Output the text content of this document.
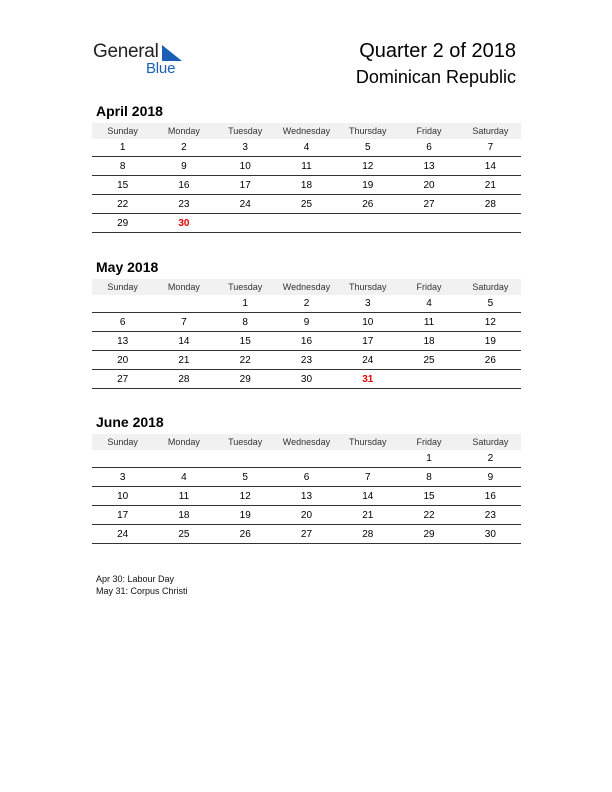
General
Blue
Quarter 2 of 2018
Dominican Republic
April 2018
Sunday	Monday	Tuesday	Wednesday	Thursday	Friday	Saturday
1	2	3	4	5	6	7
8	9	10	11	12	13	14
15	16	17	18	19	20	21
22	23	24	25	26	27	28
29	30					
May 2018
Sunday	Monday	Tuesday	Wednesday	Thursday	Friday	Saturday
		1	2	3	4	5
6	7	8	9	10	11	12
13	14	15	16	17	18	19
20	21	22	23	24	25	26
27	28	29	30	31		
June 2018
Sunday	Monday	Tuesday	Wednesday	Thursday	Friday	Saturday
					1	2
3	4	5	6	7	8	9
10	11	12	13	14	15	16
17	18	19	20	21	22	23
24	25	26	27	28	29	30
Apr 30: Labour Day
May 31: Corpus Christi
